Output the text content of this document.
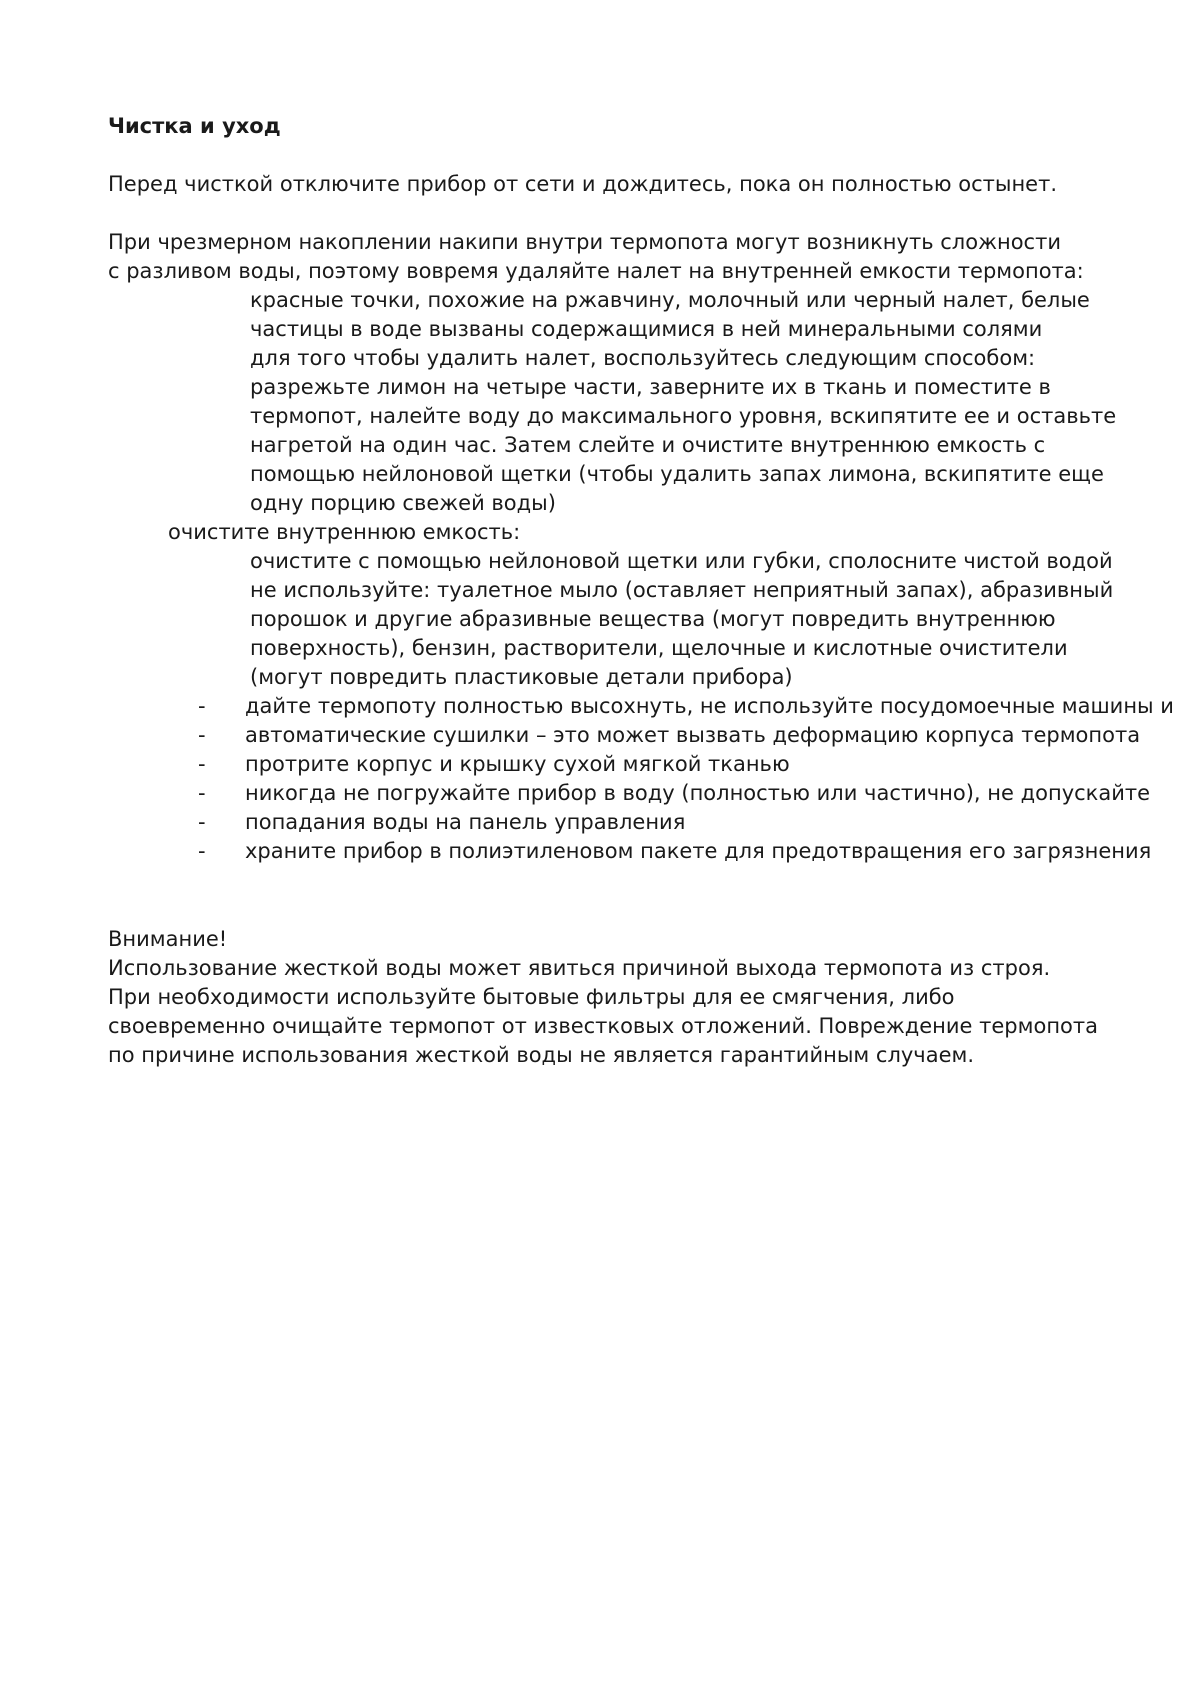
Чистка и уход
Перед чисткой отключите прибор от сети и дождитесь, пока он полностью остынет.
При чрезмерном накоплении накипи внутри термопота могут возникнуть сложности
с разливом воды, поэтому вовремя удаляйте налет на внутренней емкости термопота:
красные точки, похожие на ржавчину, молочный или черный налет, белые
частицы в воде вызваны содержащимися в ней минеральными солями
для того чтобы удалить налет, воспользуйтесь следующим способом:
разрежьте лимон на четыре части, заверните их в ткань и поместите в
термопот, налейте воду до максимального уровня, вскипятите ее и оставьте
нагретой на один час. Затем слейте и очистите внутреннюю емкость с
помощью нейлоновой щетки (чтобы удалить запах лимона, вскипятите еще
одну порцию свежей воды)
очистите внутреннюю емкость:
очистите с помощью нейлоновой щетки или губки, сполосните чистой водой
не используйте: туалетное мыло (оставляет неприятный запах), абразивный
порошок и другие абразивные вещества (могут повредить внутреннюю
поверхность), бензин, растворители, щелочные и кислотные очистители
(могут повредить пластиковые детали прибора)
- дайте термопоту полностью высохнуть, не используйте посудомоечные машины и
- автоматические сушилки – это может вызвать деформацию корпуса термопота
- протрите корпус и крышку сухой мягкой тканью
- никогда не погружайте прибор в воду (полностью или частично), не допускайте
- попадания воды на панель управления
- храните прибор в полиэтиленовом пакете для предотвращения его загрязнения
Внимание!
Использование жесткой воды может явиться причиной выхода термопота из строя.
При необходимости используйте бытовые фильтры для ее смягчения, либо
своевременно очищайте термопот от известковых отложений. Повреждение термопота
по причине использования жесткой воды не является гарантийным случаем.
